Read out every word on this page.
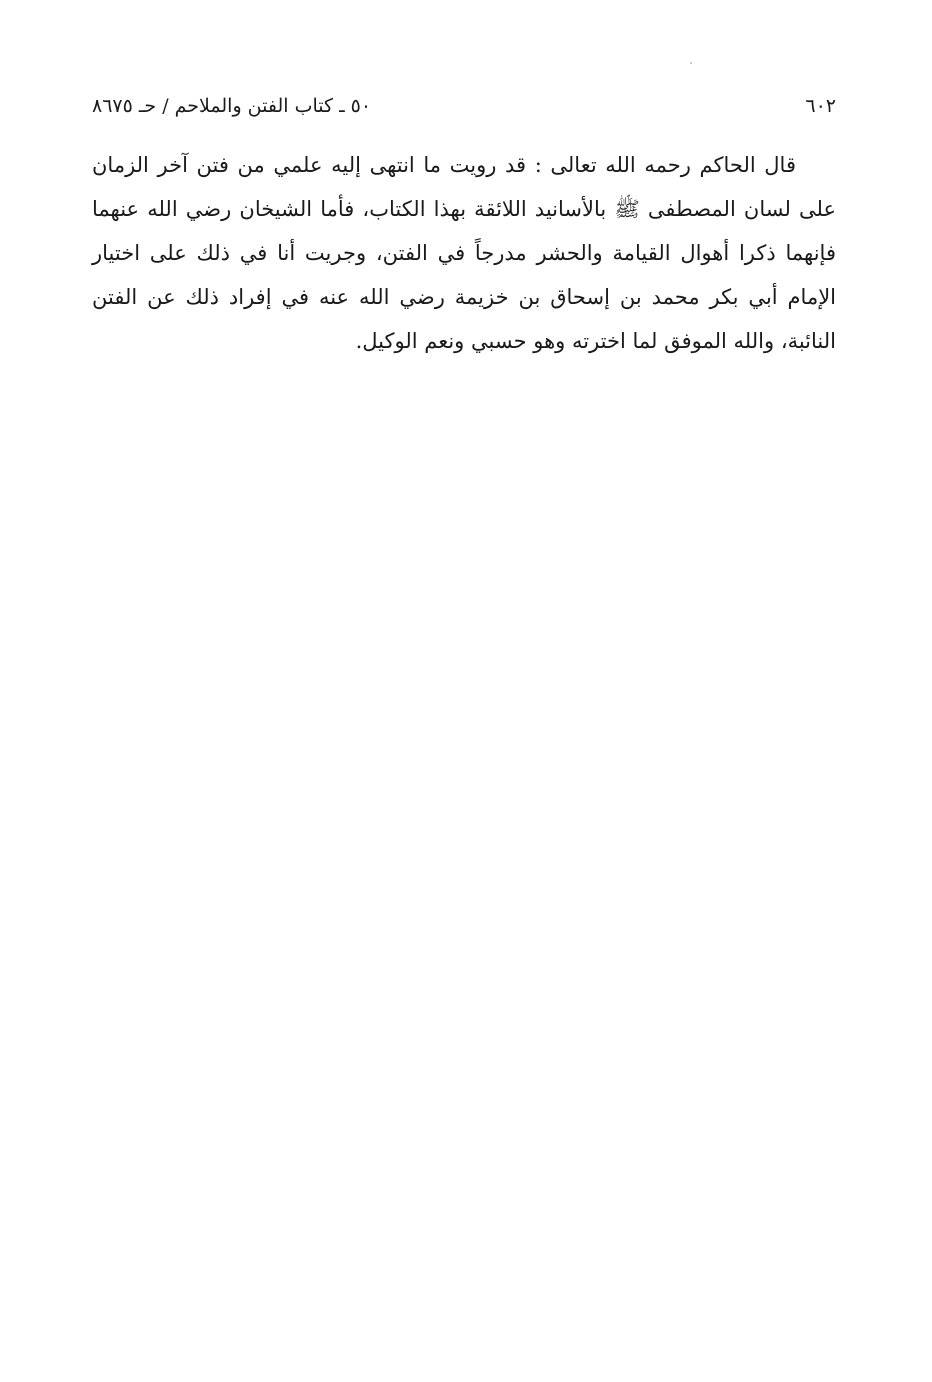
٦٠٢
٥٠ ـ كتاب الفتن والملاحم / حـ ٨٦٧٥

قال الحاكم رحمه الله تعالى : قد رويت ما انتهى إليه علمي من فتن آخر الزمان على لسان المصطفى ﷺ بالأسانيد اللائقة بهذا الكتاب، فأما الشيخان رضي الله عنهما فإنهما ذكرا أهوال القيامة والحشر مدرجاً في الفتن، وجريت أنا في ذلك على اختيار الإمام أبي بكر محمد بن إسحاق بن خزيمة رضي الله عنه في إفراد ذلك عن الفتن النائبة، والله الموفق لما اخترته وهو حسبي ونعم الوكيل.
